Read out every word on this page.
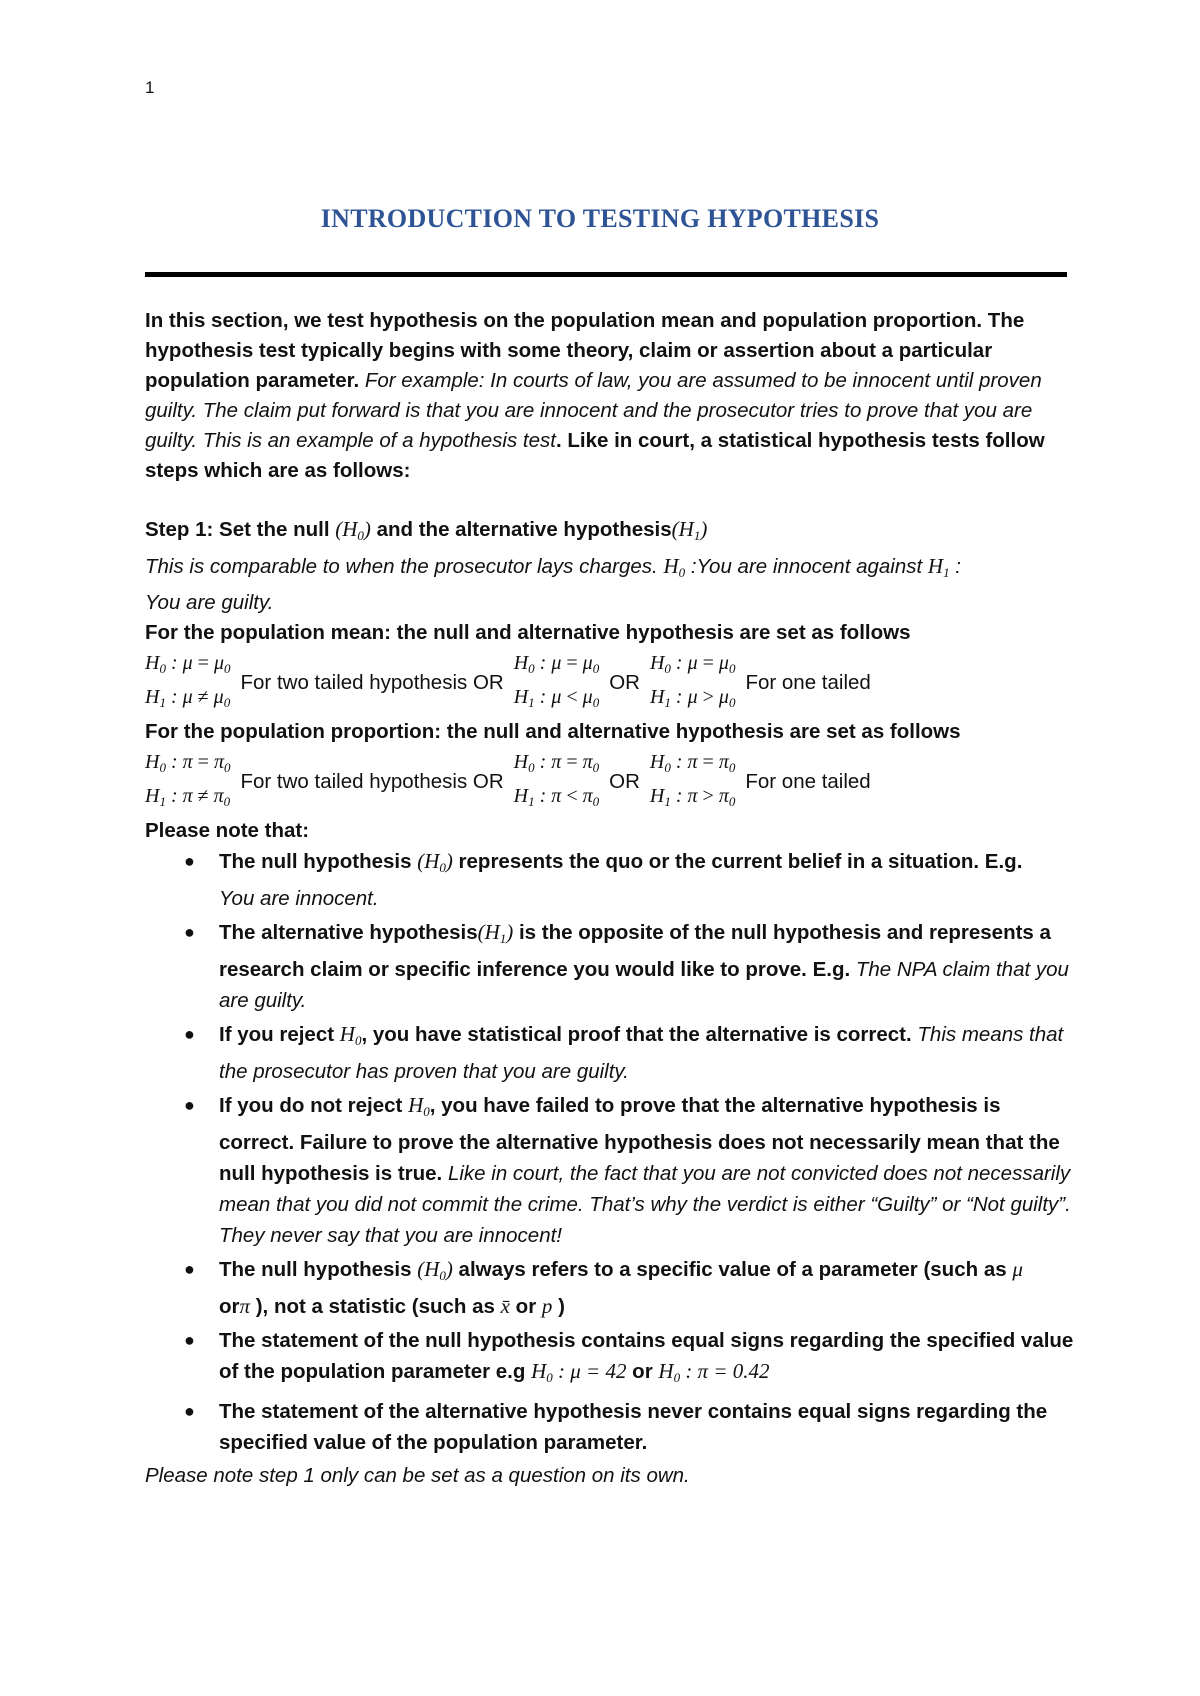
1
INTRODUCTION TO TESTING HYPOTHESIS

In this section, we test hypothesis on the population mean and population proportion. The hypothesis test typically begins with some theory, claim or assertion about a particular population parameter. For example: In courts of law, you are assumed to be innocent until proven guilty. The claim put forward is that you are innocent and the prosecutor tries to prove that you are guilty. This is an example of a hypothesis test. Like in court, a statistical hypothesis tests follow steps which are as follows:

Step 1: Set the null $(H_0)$ and the alternative $hypothesis(H_1)$

This is comparable to when the prosecutor lays charges. $H_0$ :You are innocent against $H_1$ :
You are guilty.

For the population mean: the null and alternative hypothesis are set as follows

$H_0$ : $\mu = \mu_0$
$H_1$ : $\mu \ne \mu_0$
For two tailed hypothesis OR
$H_0$ : $\mu = \mu_0$
$H_1$ : $\mu < \mu_0$
OR
$H_0$ : $\mu = \mu_0$
$H_1$ : $\mu > \mu_0$
For one tailed

For the population proportion: the null and alternative hypothesis are set as follows

$H_0$ : $\pi = \pi_0$
$H_1$ : $\pi \ne \pi_0$
For two tailed hypothesis OR
$H_0$ : $\pi = \pi_0$
$H_1$ : $\pi < \pi_0$
OR
$H_0$ : $\pi = \pi_0$
$H_1$ : $\pi > \pi_0$
For one tailed

Please note that:

● The null hypothesis $(H_0)$ represents the quo or the current belief in a situation. E.g.
You are innocent.
● The alternative $hypothesis(H_1)$ is the opposite of the null hypothesis and represents a research claim or specific inference you would like to prove. E.g. The NPA claim that you are guilty.
● If you reject $H_0$, you have statistical proof that the alternative is correct. This means that the prosecutor has proven that you are guilty.
● If you do not reject $H_0$, you have failed to prove that the alternative hypothesis is correct. Failure to prove the alternative hypothesis does not necessarily mean that the null hypothesis is true. Like in court, the fact that you are not convicted does not necessarily mean that you did not commit the crime. That’s why the verdict is either “Guilty” or “Not guilty”. They never say that you are innocent!
● The null hypothesis $(H_0)$ always refers to a specific value of a parameter (such as μ
orπ ), not a statistic (such as x̄ or p )
● The statement of the null hypothesis contains equal signs regarding the specified value of the population parameter e.g $H_0$ : μ = 42 or $H_0$ : π = 0.42
● The statement of the alternative hypothesis never contains equal signs regarding the specified value of the population parameter.

Please note step 1 only can be set as a question on its own.
